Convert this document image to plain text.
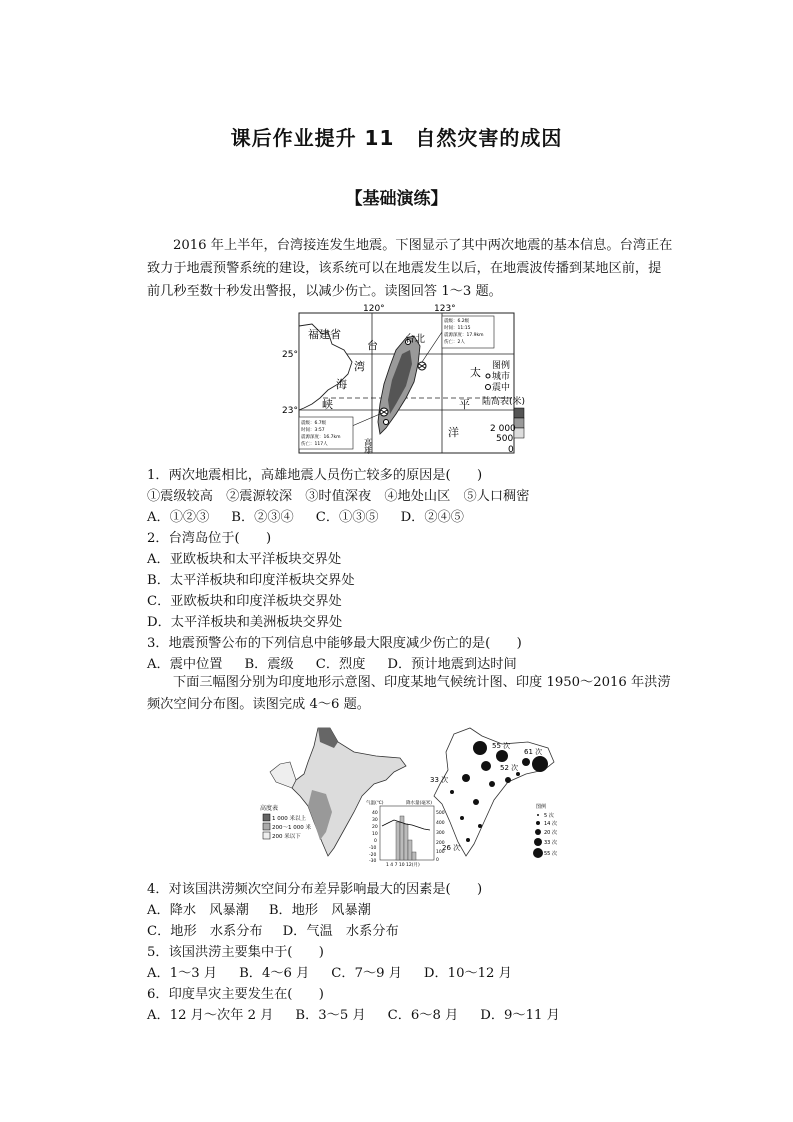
课后作业提升 11　自然灾害的成因
【基础演练】
2016 年上半年，台湾接连发生地震。下图显示了其中两次地震的基本信息。台湾正在致力于地震预警系统的建设，该系统可以在地震发生以后，在地震波传播到某地区前，提前几秒至数十秒发出警报，以减少伤亡。读图回答 1～3 题。
震级：6.2级
时间：11:15
震源深度：17.9km
伤亡：2人
震级：6.7级
时间：3:57
震源深度：16.7km
伤亡：117人
120°	123°
25°
23°
福建省
台
湾
海
峡
台北
高雄
太
平
洋
图例
城市
震中
陆高表(米)
2 000
500
0
1．两次地震相比，高雄地震人员伤亡较多的原因是(　　)
①震级较高　②震源较深　③时值深夜　④地处山区　⑤人口稠密
A．①②③ B．②③④ C．①③⑤ D．②④⑤
2．台湾岛位于(　　)
A．亚欧板块和太平洋板块交界处
B．太平洋板块和印度洋板块交界处
C．亚欧板块和印度洋板块交界处
D．太平洋板块和美洲板块交界处
3．地震预警公布的下列信息中能够最大限度减少伤亡的是(　　)
A．震中位置 B．震级 C．烈度 D．预计地震到达时间
下面三幅图分别为印度地形示意图、印度某地气候统计图、印度 1950～2016 年洪涝频次空间分布图。读图完成 4～6 题。
高度表
1 000 米以上
200～1 000 米
200 米以下
气温(℃)	降水量(毫米)
40
30
20
10
0
-10
-20
-30
500
400
300
200
100
0
1 4 7 10 12(月)
61 次
55 次
52 次
33 次
26 次
图例
5 次
14 次
20 次
33 次
55 次
4．对该国洪涝频次空间分布差异影响最大的因素是(　　)
A．降水　风暴潮 B．地形　风暴潮
C．地形　水系分布 D．气温　水系分布
5．该国洪涝主要集中于(　　)
A．1～3 月 B．4～6 月 C．7～9 月 D．10～12 月
6．印度旱灾主要发生在(　　)
A．12 月～次年 2 月 B．3～5 月 C．6～8 月 D．9～11 月
